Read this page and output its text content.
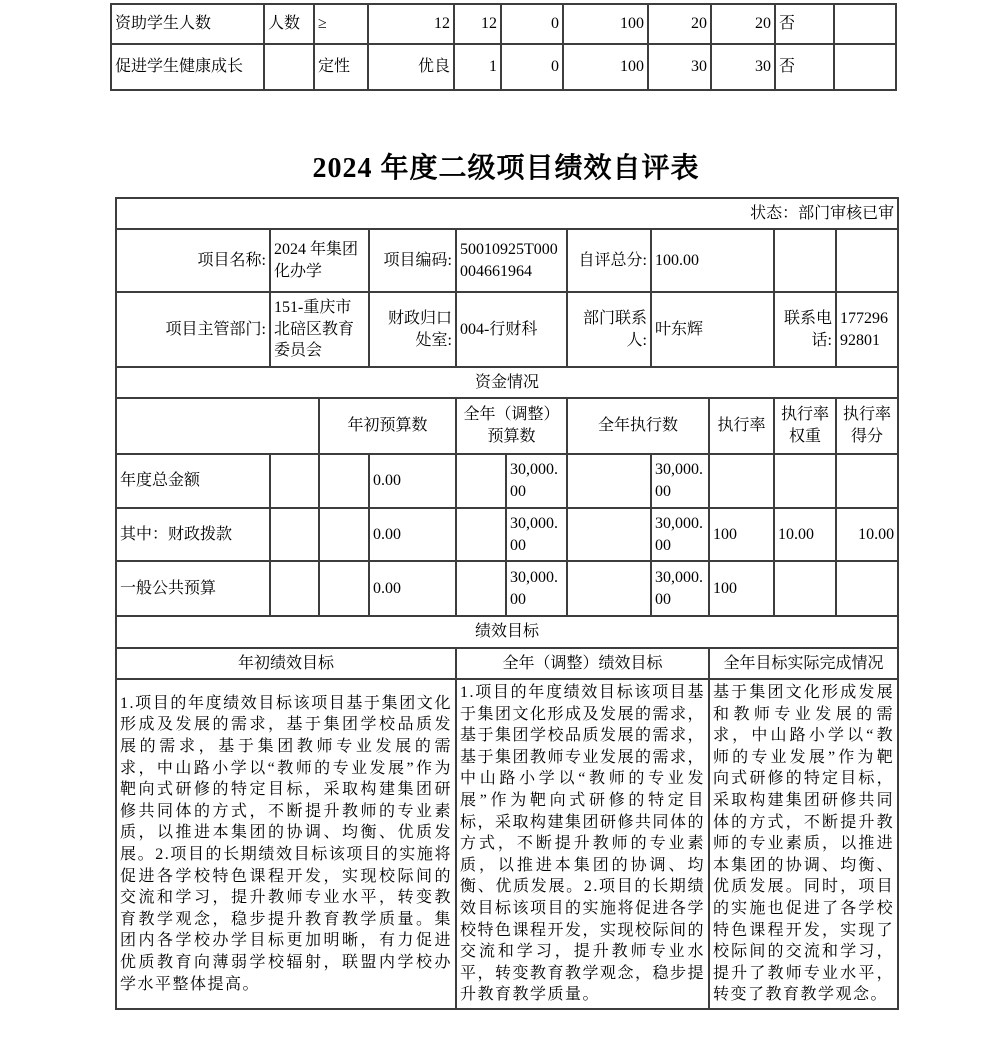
资助学生人数	人数	≥	12	12	0	100	20	20	否	
促进学生健康成长		定性	优良	1	0	100	30	30	否	
2024 年度二级项目绩效自评表
状态：部门审核已审										
项目名称:	2024 年集团化办学		项目编码:	50010925T000004661964		自评总分:	100.00			
项目主管部门:	151-重庆市北碚区教育委员会		财政归口处室:	004-行财科		部门联系人:	叶东辉		联系电话:	17729692801
资金情况										
		年初预算数		全年（调整）预算数		全年执行数		执行率	执行率权重	执行率得分
年度总金额			0.00		30,000.00		30,000.00			
其中：财政拨款			0.00		30,000.00		30,000.00	100	10.00	10.00
一般公共预算			0.00		30,000.00		30,000.00	100		
绩效目标										
年初绩效目标				全年（调整）绩效目标				全年目标实际完成情况		
1.项目的年度绩效目标该项目基于集团文化形成及发展的需求，基于集团学校品质发展的需求，基于集团教师专业发展的需求，中山路小学以“教师的专业发展”作为靶向式研修的特定目标，采取构建集团研修共同体的方式，不断提升教师的专业素质，以推进本集团的协调、均衡、优质发展。2.项目的长期绩效目标该项目的实施将促进各学校特色课程开发，实现校际间的交流和学习，提升教师专业水平，转变教育教学观念，稳步提升教育教学质量。集团内各学校办学目标更加明晰，有力促进优质教育向薄弱学校辐射，联盟内学校办学水平整体提高。	1.项目的年度绩效目标该项目基于集团文化形成及发展的需求，基于集团学校品质发展的需求，基于集团教师专业发展的需求，中山路小学以“教师的专业发展”作为靶向式研修的特定目标，采取构建集团研修共同体的方式，不断提升教师的专业素质，以推进本集团的协调、均衡、优质发展。2.项目的长期绩效目标该项目的实施将促进各学校特色课程开发，实现校际间的交流和学习，提升教师专业水平，转变教育教学观念，稳步提升教育教学质量。	基于集团文化形成发展和教师专业发展的需求，中山路小学以“教师的专业发展”作为靶向式研修的特定目标，采取构建集团研修共同体的方式，不断提升教师的专业素质，以推进本集团的协调、均衡、优质发展。同时，项目的实施也促进了各学校特色课程开发，实现了校际间的交流和学习，提升了教师专业水平，转变了教育教学观念。
